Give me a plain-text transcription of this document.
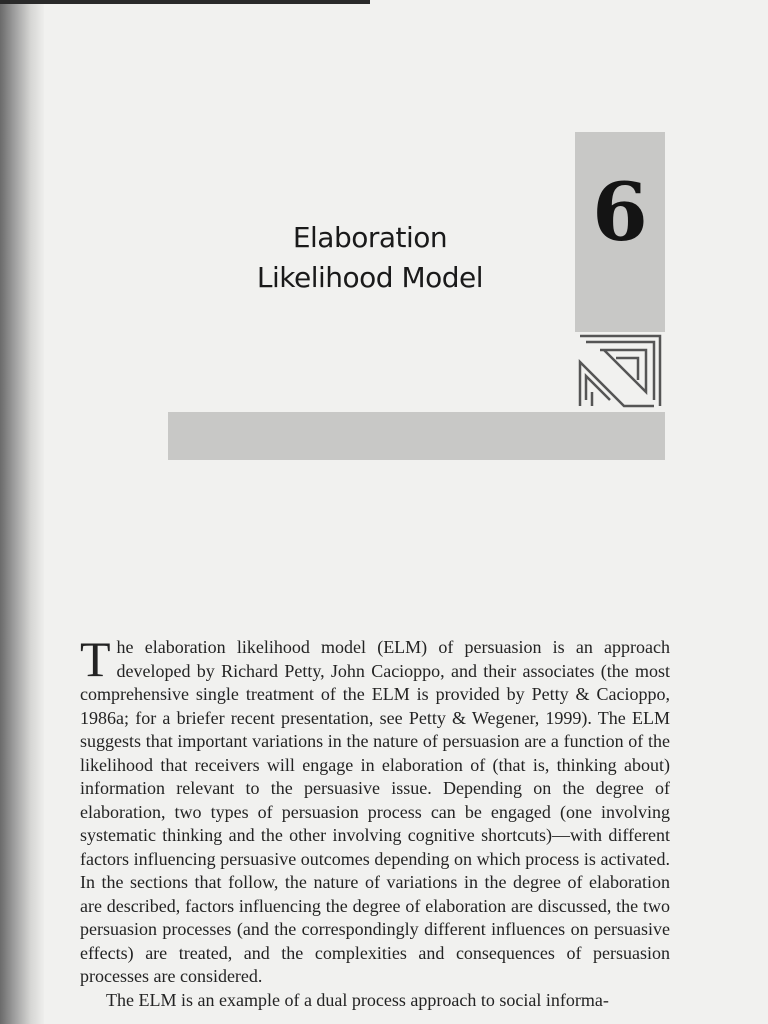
6
Elaboration
Likelihood Model

The elaboration likelihood model (ELM) of persuasion is an approach developed by Richard Petty, John Cacioppo, and their associates (the most comprehensive single treatment of the ELM is provided by Petty & Cacioppo, 1986a; for a briefer recent presentation, see Petty & Wegener, 1999). The ELM suggests that important variations in the nature of persuasion are a function of the likelihood that receivers will engage in elaboration of (that is, thinking about) information relevant to the persuasive issue. Depending on the degree of elaboration, two types of persuasion process can be engaged (one involving systematic thinking and the other involving cognitive shortcuts)—with different factors influencing persuasive outcomes depending on which process is activated. In the sections that follow, the nature of variations in the degree of elaboration are described, factors influencing the degree of elaboration are discussed, the two persuasion processes (and the correspondingly different influences on persuasive effects) are treated, and the complexities and consequences of persuasion processes are considered.

The ELM is an example of a dual process approach to social informa-
